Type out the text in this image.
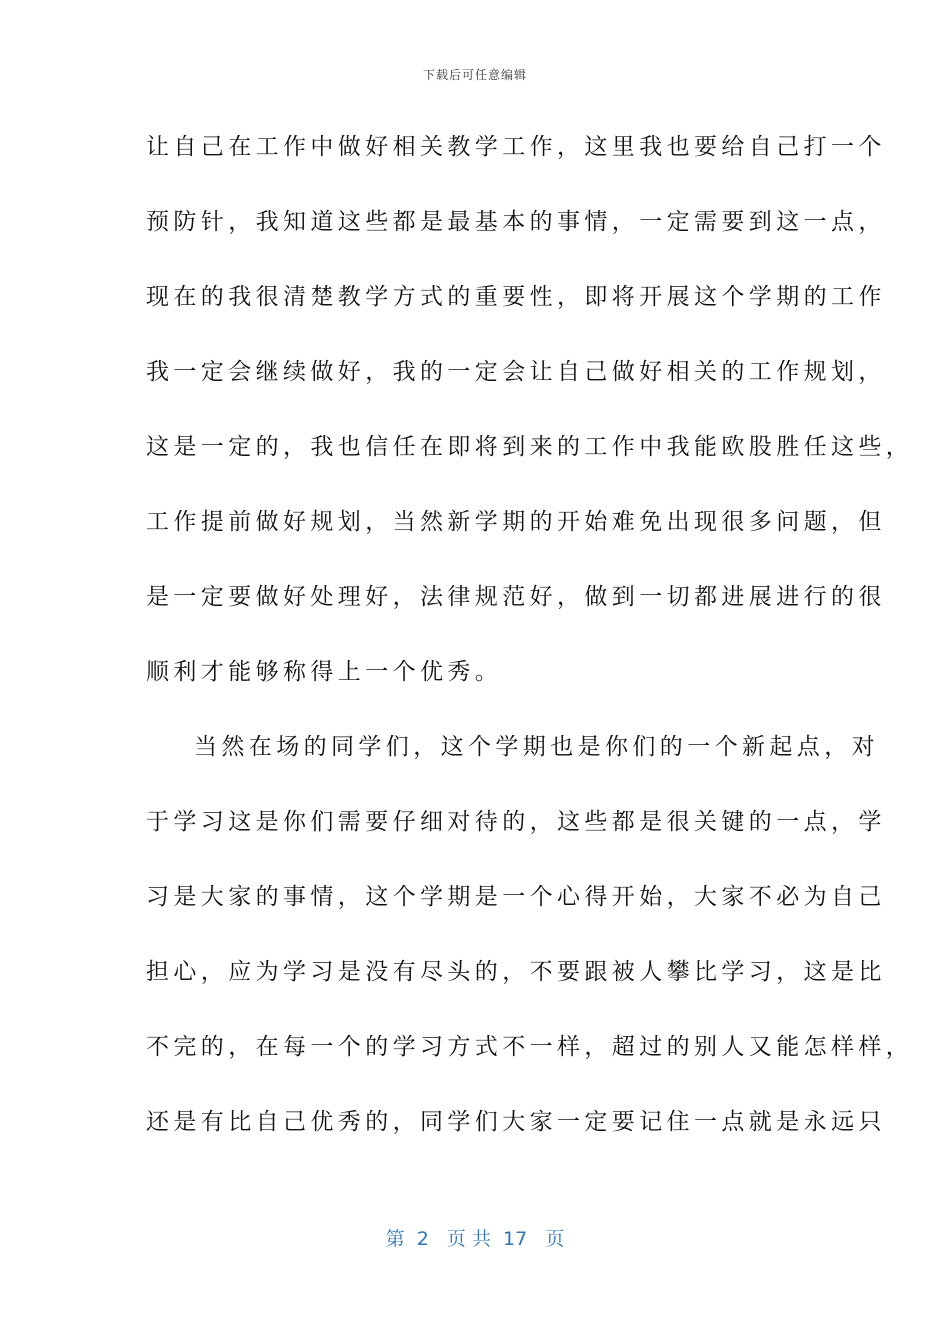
下载后可任意编辑
让自己在工作中做好相关教学工作，这里我也要给自己打一个
预防针，我知道这些都是最基本的事情，一定需要到这一点，
现在的我很清楚教学方式的重要性，即将开展这个学期的工作
我一定会继续做好，我的一定会让自己做好相关的工作规划，
这是一定的，我也信任在即将到来的工作中我能欧股胜任这些，
工作提前做好规划，当然新学期的开始难免出现很多问题，但
是一定要做好处理好，法律规范好，做到一切都进展进行的很
顺利才能够称得上一个优秀。
当然在场的同学们，这个学期也是你们的一个新起点，对
于学习这是你们需要仔细对待的，这些都是很关键的一点，学
习是大家的事情，这个学期是一个心得开始，大家不必为自己
担心，应为学习是没有尽头的，不要跟被人攀比学习，这是比
不完的，在每一个的学习方式不一样，超过的别人又能怎样样，
还是有比自己优秀的，同学们大家一定要记住一点就是永远只
第  2   页 共  17   页
